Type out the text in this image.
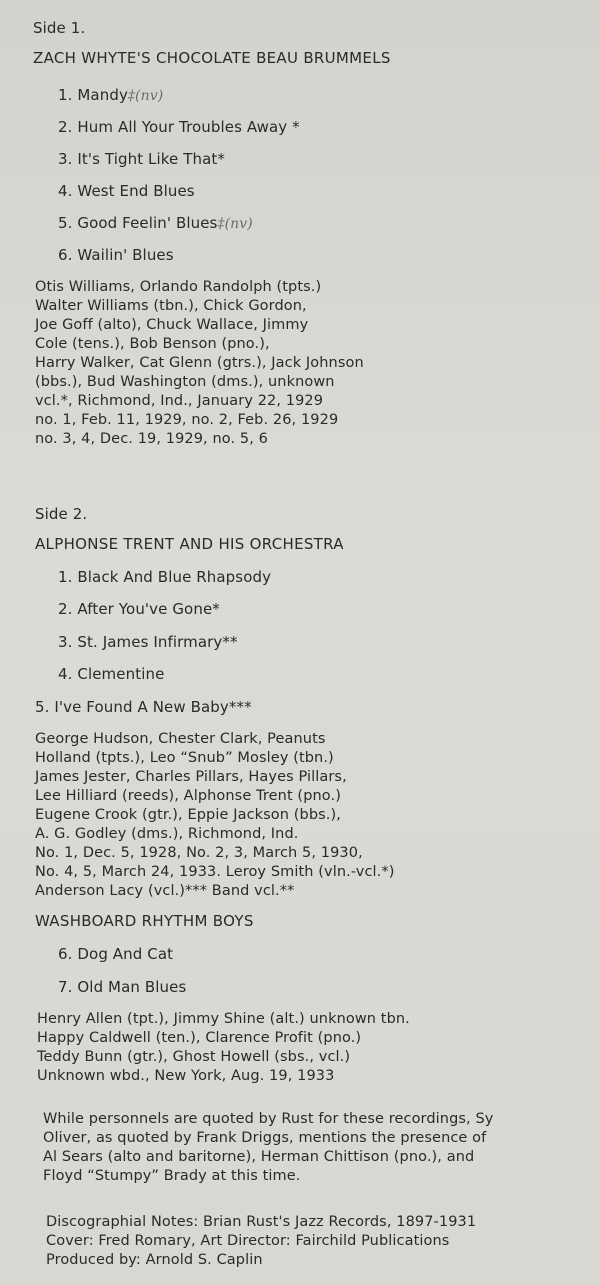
Side 1.
ZACH WHYTE'S CHOCOLATE BEAU BRUMMELS
1. Mandy‡(nv)
2. Hum All Your Troubles Away *
3. It's Tight Like That*
4. West End Blues
5. Good Feelin' Blues‡(nv)
6. Wailin' Blues
Otis Williams, Orlando Randolph (tpts.)
Walter Williams (tbn.), Chick Gordon,
Joe Goff (alto), Chuck Wallace, Jimmy
Cole (tens.), Bob Benson (pno.),
Harry Walker, Cat Glenn (gtrs.), Jack Johnson
(bbs.), Bud Washington (dms.), unknown
vcl.*, Richmond, Ind., January 22, 1929
no. 1, Feb. 11, 1929, no. 2, Feb. 26, 1929
no. 3, 4, Dec. 19, 1929, no. 5, 6
Side 2.
ALPHONSE TRENT AND HIS ORCHESTRA
1. Black And Blue Rhapsody
2. After You've Gone*
3. St. James Infirmary**
4. Clementine
5. I've Found A New Baby***
George Hudson, Chester Clark, Peanuts
Holland (tpts.), Leo “Snub” Mosley (tbn.)
James Jester, Charles Pillars, Hayes Pillars,
Lee Hilliard (reeds), Alphonse Trent (pno.)
Eugene Crook (gtr.), Eppie Jackson (bbs.),
A. G. Godley (dms.), Richmond, Ind.
No. 1, Dec. 5, 1928, No. 2, 3, March 5, 1930,
No. 4, 5, March 24, 1933. Leroy Smith (vln.-vcl.*)
Anderson Lacy (vcl.)*** Band vcl.**
WASHBOARD RHYTHM BOYS
6. Dog And Cat
7. Old Man Blues
Henry Allen (tpt.), Jimmy Shine (alt.) unknown tbn.
Happy Caldwell (ten.), Clarence Profit (pno.)
Teddy Bunn (gtr.), Ghost Howell (sbs., vcl.)
Unknown wbd., New York, Aug. 19, 1933
While personnels are quoted by Rust for these recordings, Sy
Oliver, as quoted by Frank Driggs, mentions the presence of
Al Sears (alto and baritorne), Herman Chittison (pno.), and
Floyd “Stumpy” Brady at this time.
Discographial Notes: Brian Rust's Jazz Records, 1897-1931
Cover: Fred Romary, Art Director: Fairchild Publications
Produced by: Arnold S. Caplin
